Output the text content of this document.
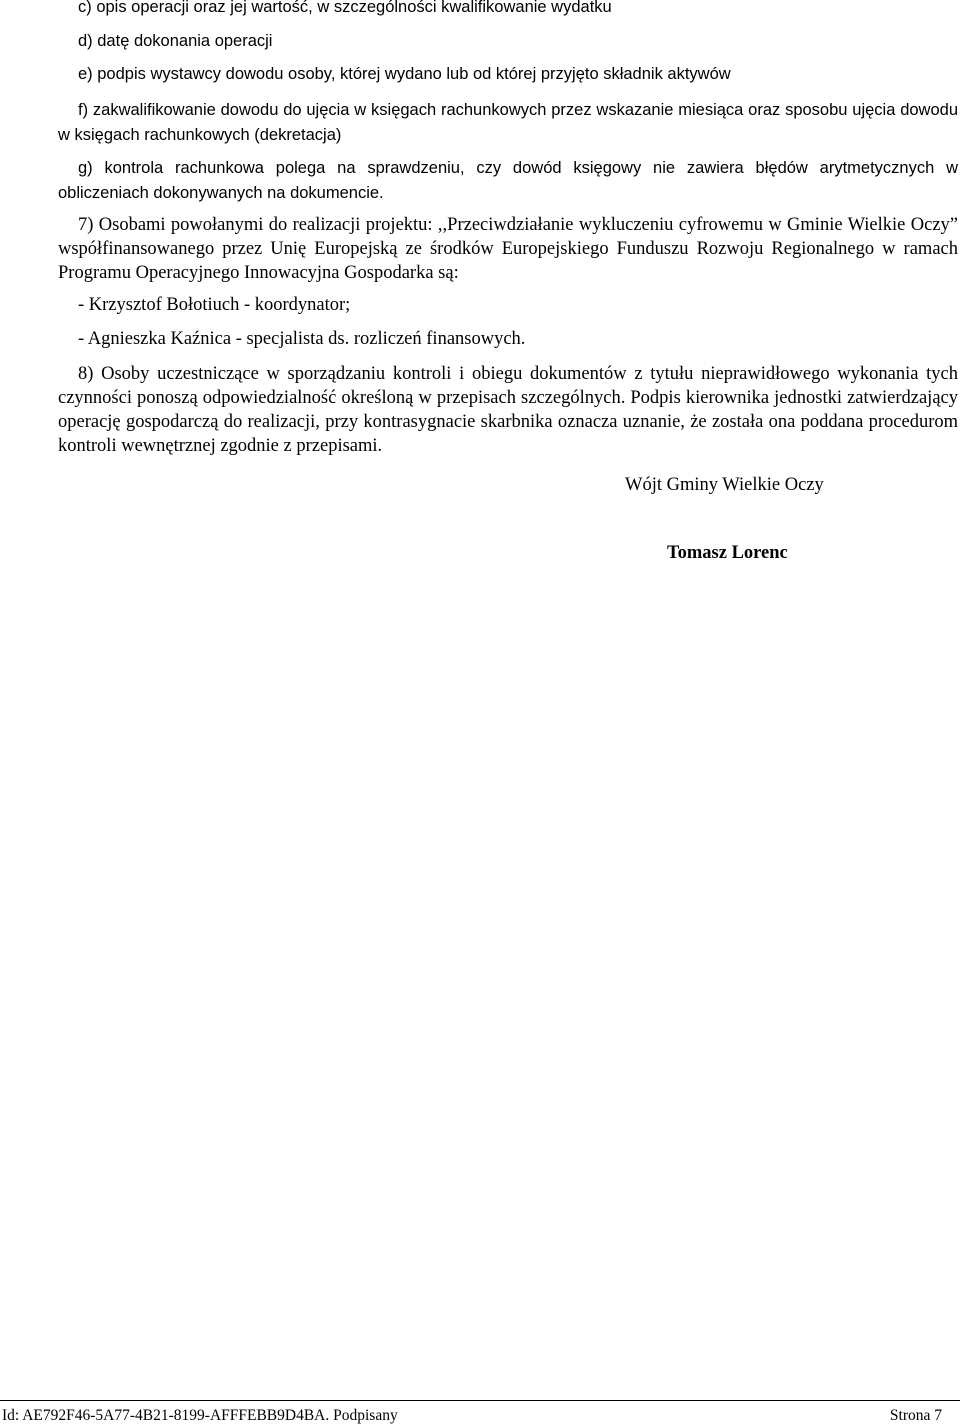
c) opis operacji oraz jej wartość, w szczególności kwalifikowanie wydatku
d) datę dokonania operacji
e) podpis wystawcy dowodu osoby, której wydano lub od której przyjęto składnik aktywów
f) zakwalifikowanie dowodu do ujęcia w księgach rachunkowych przez wskazanie miesiąca oraz sposobu ujęcia dowodu w księgach rachunkowych (dekretacja)
g) kontrola rachunkowa polega na sprawdzeniu, czy dowód księgowy nie zawiera błędów arytmetycznych w obliczeniach dokonywanych na dokumencie.
7) Osobami powołanymi do realizacji projektu: ,,Przeciwdziałanie wykluczeniu cyfrowemu w Gminie Wielkie Oczy” współfinansowanego przez Unię Europejską ze środków Europejskiego Funduszu Rozwoju Regionalnego w ramach Programu Operacyjnego Innowacyjna Gospodarka są:
- Krzysztof Bołotiuch - koordynator;
- Agnieszka Kaźnica - specjalista ds. rozliczeń finansowych.
8) Osoby uczestniczące w sporządzaniu kontroli i obiegu dokumentów z tytułu nieprawidłowego wykonania tych czynności ponoszą odpowiedzialność określoną w przepisach szczególnych. Podpis kierownika jednostki zatwierdzający operację gospodarczą do realizacji, przy kontrasygnacie skarbnika oznacza uznanie, że została ona poddana procedurom kontroli wewnętrznej zgodnie z przepisami.
Wójt Gminy Wielkie Oczy
Tomasz Lorenc
Id: AE792F46-5A77-4B21-8199-AFFFEBB9D4BA. Podpisany	Strona 7
